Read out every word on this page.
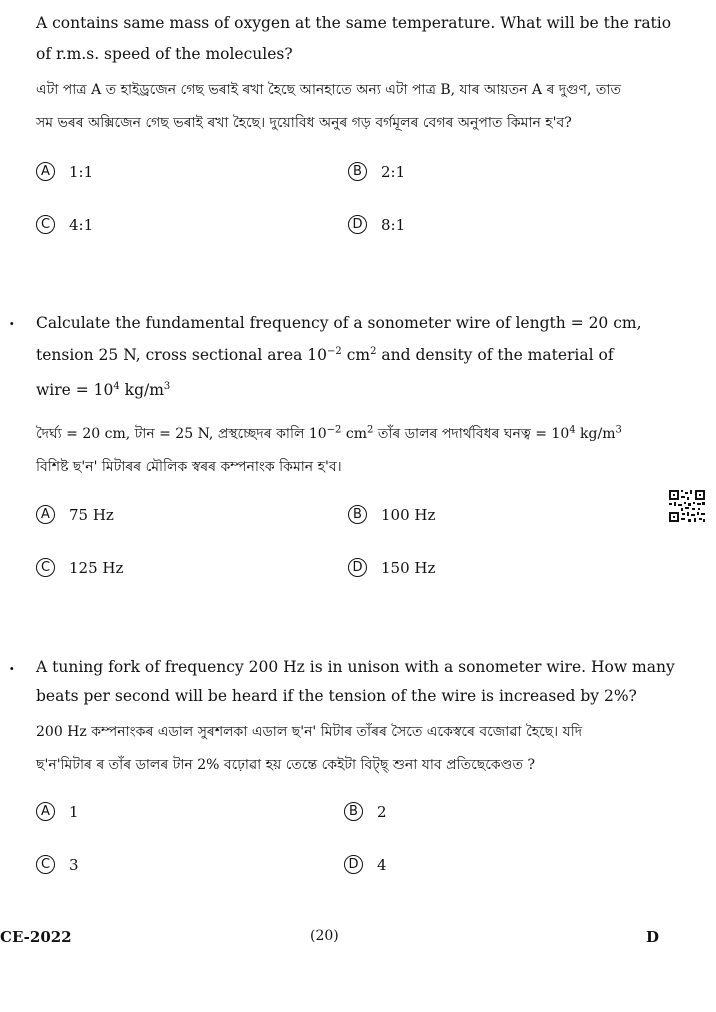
A contains same mass of oxygen at the same temperature. What will be the ratio
of r.m.s. speed of the molecules?
এটা পাত্ৰ A ত হাইড্ৰজেন গেছ ভৰাই ৰখা হৈছে আনহাতে অন্য এটা পাত্ৰ B, যাৰ আয়তন A ৰ দুগুণ, তাত
সম ভৰৰ অক্সিজেন গেছ ভৰাই ৰখা হৈছে। দুয়োবিধ অনুৰ গড় বৰ্গমূলৰ বেগৰ অনুপাত কিমান হ'ব?
A	1:1	B	2:1
C	4:1	D	8:1
. Calculate the fundamental frequency of a sonometer wire of length = 20 cm,
tension 25 N, cross sectional area $10^{-2}$ $cm^2$ and density of the material of
wire = $10^4$ $kg/m^3$
দৈৰ্ঘ্য = 20 cm, টান = 25 N, প্ৰস্থচ্ছেদৰ কালি $10^{-2}$ $cm^2$ তাঁৰ ডালৰ পদাৰ্থবিধৰ ঘনত্ব = $10^4$ $kg/m^3$
বিশিষ্ট ছ'ন' মিটাৰৰ মৌলিক স্বৰৰ কম্পনাংক কিমান হ'ব।
A	75 Hz	B	100 Hz
C	125 Hz	D	150 Hz
. A tuning fork of frequency 200 Hz is in unison with a sonometer wire. How many
beats per second will be heard if the tension of the wire is increased by 2%?
200 Hz কম্পনাংকৰ এডাল সুৰশলকা এডাল ছ'ন' মিটাৰ তাঁৰৰ সৈতে একেস্বৰে বজোৱা হৈছে। যদি
ছ'ন'মিটাৰ ৰ তাঁৰ ডালৰ টান 2% বঢ়োৱা হয় তেন্তে কেইটা বিট্‌ছ্ শুনা যাব প্ৰতিছেকেণ্ডত ?
A	1	B	2
C	3	D	4
CE-2022	(20)	D
